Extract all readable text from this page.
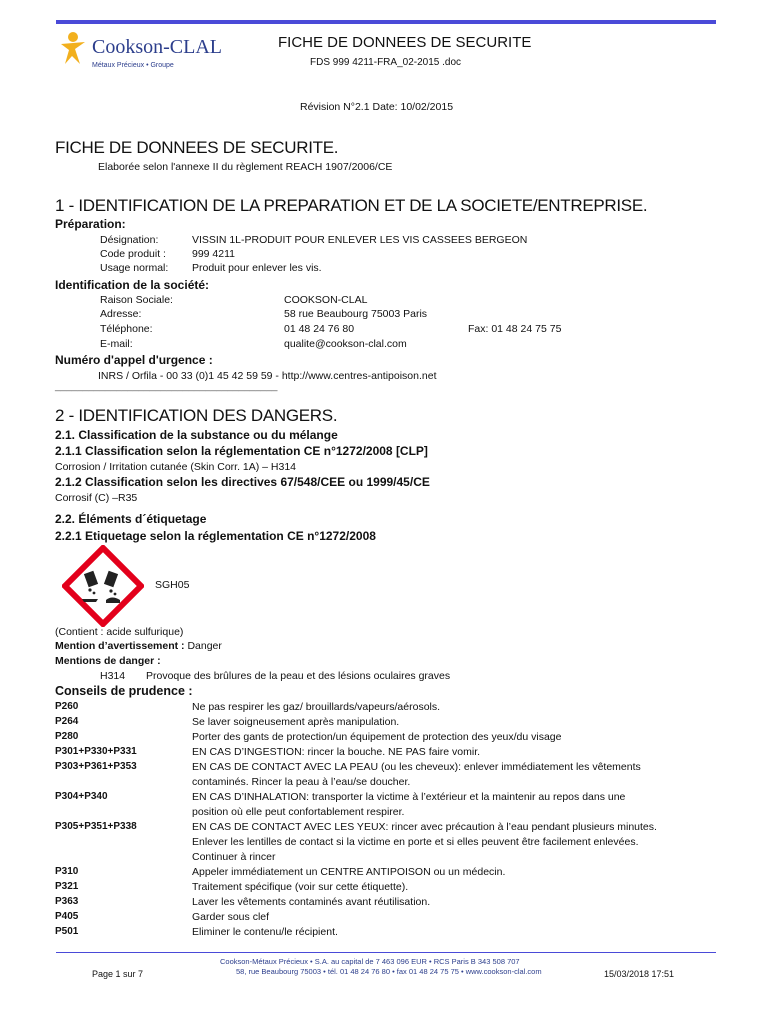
Cookson-CLAL
Métaux Précieux • Groupe
FICHE DE DONNEES DE SECURITE
FDS 999 4211-FRA_02-2015 .doc
Révision N°2.1 Date: 10/02/2015
FICHE DE DONNEES DE SECURITE.
Elaborée selon l'annexe II du règlement REACH 1907/2006/CE
1 - IDENTIFICATION DE LA PREPARATION ET DE LA SOCIETE/ENTREPRISE.
Préparation:
Désignation:	VISSIN 1L-PRODUIT POUR ENLEVER LES VIS CASSEES BERGEON
Code produit : 999 4211
Usage normal: Produit pour enlever les vis.
Identification de la société:
Raison Sociale:	COOKSON-CLAL
Adresse:	58 rue Beaubourg 75003 Paris
Téléphone:	01 48 24 76 80	Fax: 01 48 24 75 75
E-mail:	qualite@cookson-clal.com
Numéro d'appel d'urgence :
INRS / Orfila - 00 33 (0)1 45 42 59 59 - http://www.centres-antipoison.net
________________________________________
2 - IDENTIFICATION DES DANGERS.
2.1. Classification de la substance ou du mélange
2.1.1 Classification selon la réglementation CE n°1272/2008 [CLP]
Corrosion / Irritation cutanée (Skin Corr. 1A) – H314
2.1.2 Classification selon les directives 67/548/CEE ou 1999/45/CE
Corrosif (C) –R35
2.2. Éléments d´étiquetage
2.2.1 Etiquetage selon la réglementation CE n°1272/2008
SGH05
(Contient : acide sulfurique)
Mention d’avertissement : Danger
Mentions de danger :
H314 Provoque des brûlures de la peau et des lésions oculaires graves
Conseils de prudence :
P260	Ne pas respirer les gaz/ brouillards/vapeurs/aérosols.
P264	Se laver soigneusement après manipulation.
P280	Porter des gants de protection/un équipement de protection des yeux/du visage
P301+P330+P331	EN CAS D’INGESTION: rincer la bouche. NE PAS faire vomir.
P303+P361+P353	EN CAS DE CONTACT AVEC LA PEAU (ou les cheveux): enlever immédiatement les vêtements
contaminés. Rincer la peau à l’eau/se doucher.
P304+P340	EN CAS D’INHALATION: transporter la victime à l’extérieur et la maintenir au repos dans une
position où elle peut confortablement respirer.
P305+P351+P338	EN CAS DE CONTACT AVEC LES YEUX: rincer avec précaution à l’eau pendant plusieurs minutes.
Enlever les lentilles de contact si la victime en porte et si elles peuvent être facilement enlevées.
Continuer à rincer
P310	Appeler immédiatement un CENTRE ANTIPOISON ou un médecin.
P321	Traitement spécifique (voir sur cette étiquette).
P363	Laver les vêtements contaminés avant réutilisation.
P405	Garder sous clef
P501	Eliminer le contenu/le récipient.
Page 1 sur 7
Cookson-Métaux Précieux • S.A. au capital de 7 463 096 EUR • RCS Paris B 343 508 707
58, rue Beaubourg 75003 • tél. 01 48 24 76 80 • fax 01 48 24 75 75 • www.cookson-clal.com	15/03/2018 17:51
